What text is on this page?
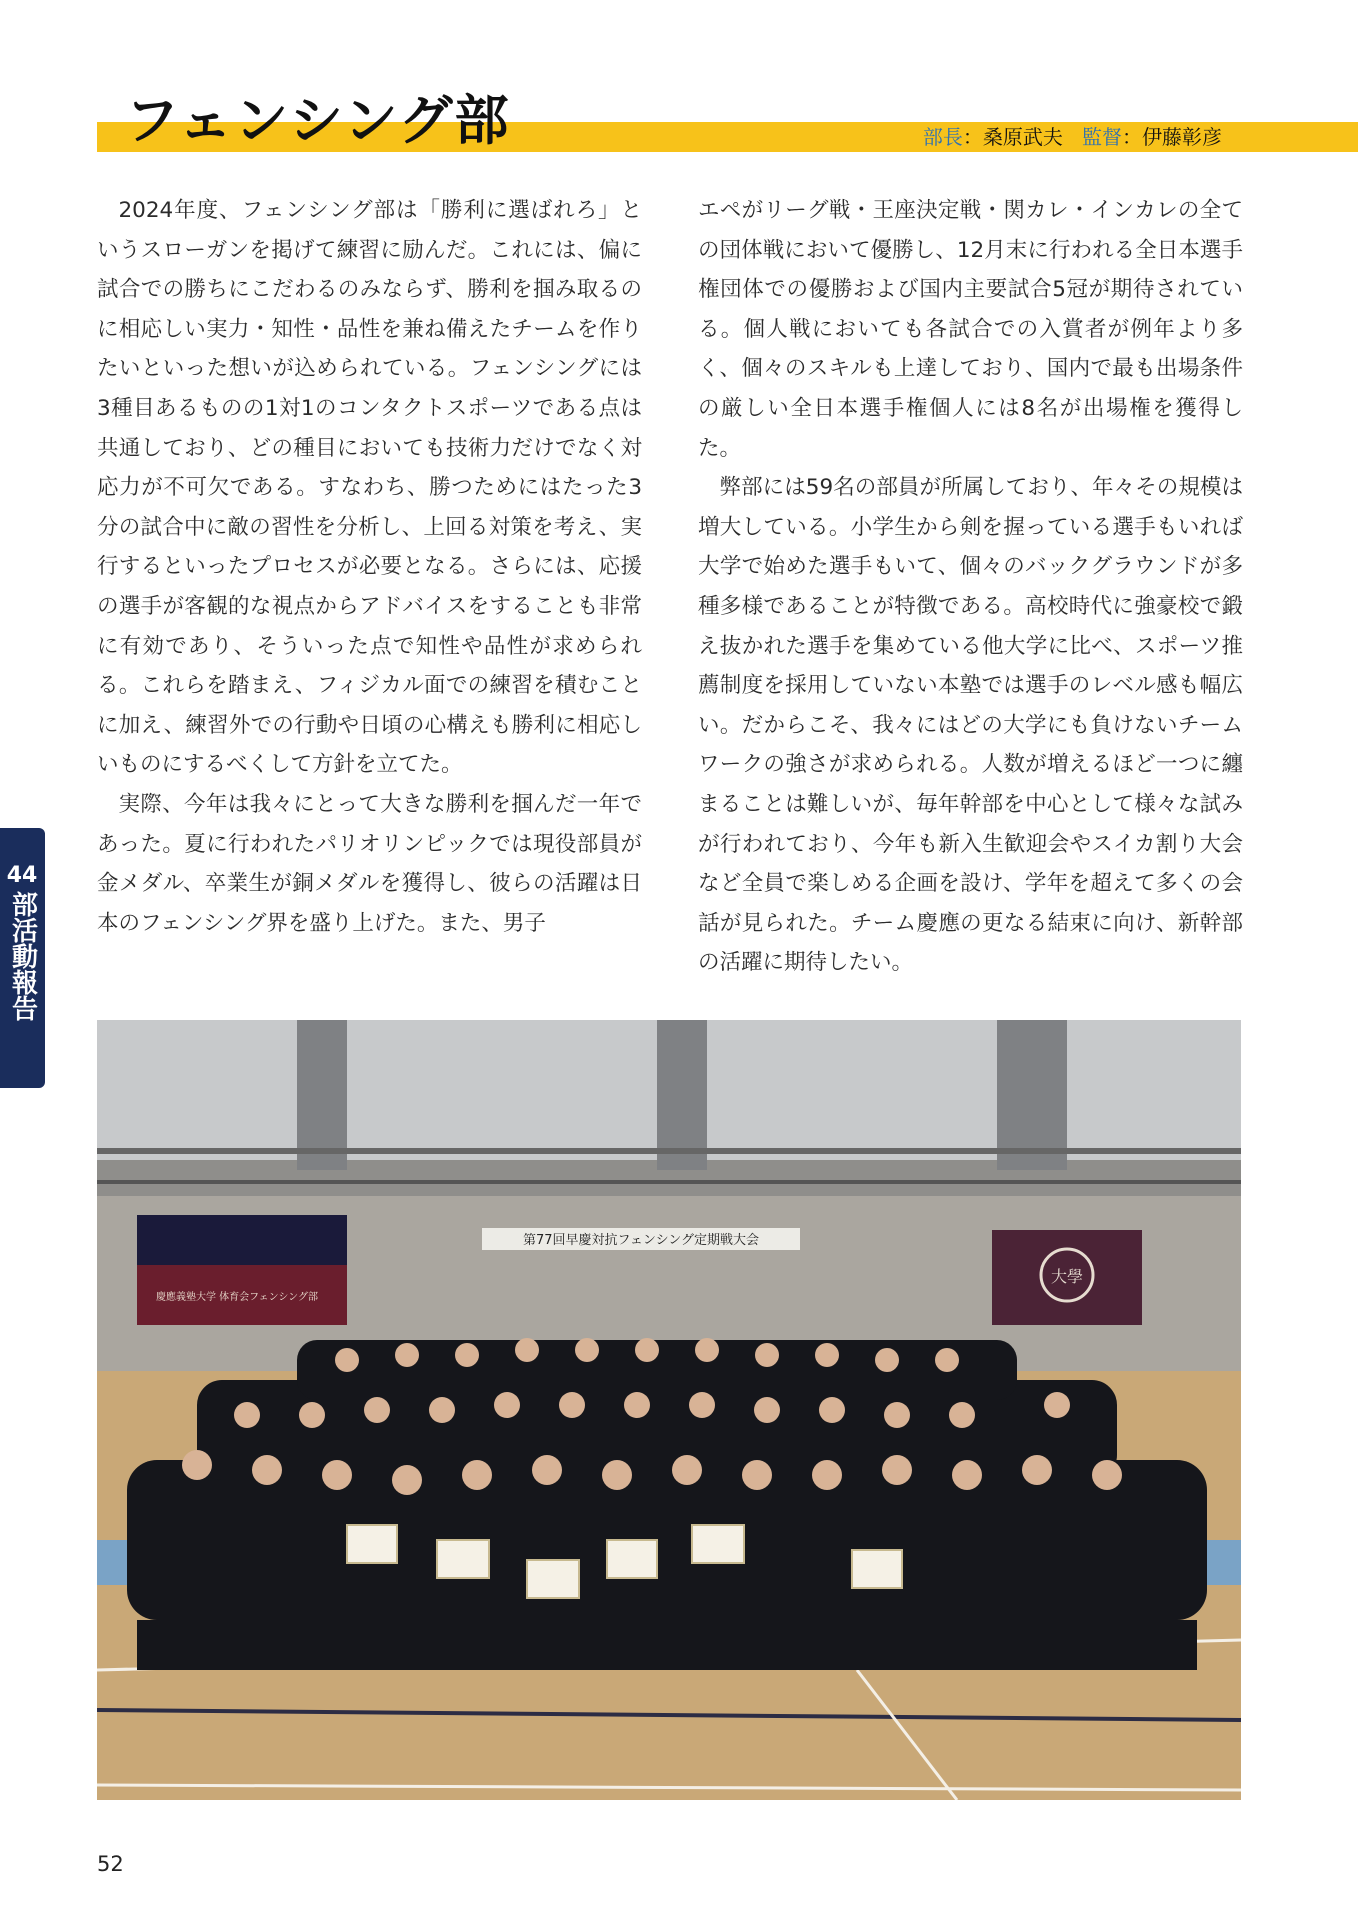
フェンシング部	部長：桑原武夫 監督：伊藤彰彦

2024年度、フェンシング部は「勝利に選ばれろ」というスローガンを掲げて練習に励んだ。これには、偏に試合での勝ちにこだわるのみならず、勝利を掴み取るのに相応しい実力・知性・品性を兼ね備えたチームを作りたいといった想いが込められている。フェンシングには3種目あるものの1対1のコンタクトスポーツである点は共通しており、どの種目においても技術力だけでなく対応力が不可欠である。すなわち、勝つためにはたった3分の試合中に敵の習性を分析し、上回る対策を考え、実行するといったプロセスが必要となる。さらには、応援の選手が客観的な視点からアドバイスをすることも非常に有効であり、そういった点で知性や品性が求められる。これらを踏まえ、フィジカル面での練習を積むことに加え、練習外での行動や日頃の心構えも勝利に相応しいものにするべくして方針を立てた。

実際、今年は我々にとって大きな勝利を掴んだ一年であった。夏に行われたパリオリンピックでは現役部員が金メダル、卒業生が銅メダルを獲得し、彼らの活躍は日本のフェンシング界を盛り上げた。また、男子

エペがリーグ戦・王座決定戦・関カレ・インカレの全ての団体戦において優勝し、12月末に行われる全日本選手権団体での優勝および国内主要試合5冠が期待されている。個人戦においても各試合での入賞者が例年より多く、個々のスキルも上達しており、国内で最も出場条件の厳しい全日本選手権個人には8名が出場権を獲得した。

弊部には59名の部員が所属しており、年々その規模は増大している。小学生から剣を握っている選手もいれば大学で始めた選手もいて、個々のバックグラウンドが多種多様であることが特徴である。高校時代に強豪校で鍛え抜かれた選手を集めている他大学に比べ、スポーツ推薦制度を採用していない本塾では選手のレベル感も幅広い。だからこそ、我々にはどの大学にも負けないチームワークの強さが求められる。人数が増えるほど一つに纏まることは難しいが、毎年幹部を中心として様々な試みが行われており、今年も新入生歓迎会やスイカ割り大会など全員で楽しめる企画を設け、学年を超えて多くの会話が見られた。チーム慶應の更なる結束に向け、新幹部の活躍に期待したい。

44
部活動報告
第77回早慶対抗フェンシング定期戦大会
慶應義塾大学 体育会フェンシング部
大學
52
